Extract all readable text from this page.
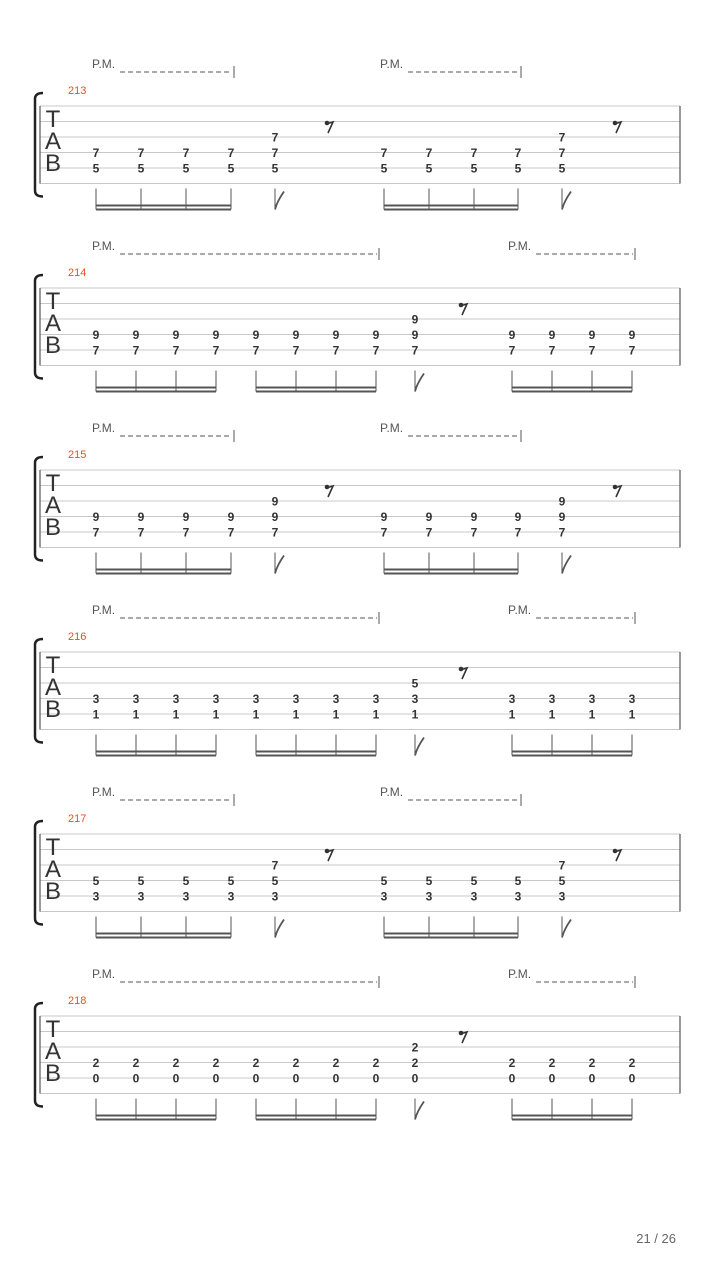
P.M.	P.M.
213
T
A
B	7
5
7
5
7
5
7
5
7
7
5
7
5
7
5
7
5
7
5
7
7
5
P.M.	P.M.
214
T
A
B	9
7
9
7
9
7
9
7
9
7
9
7
9
7
9
7
9
9
7
9
7
9
7
9
7
9
7
P.M.	P.M.
215
T
A
B	9
7
9
7
9
7
9
7
9
9
7
9
7
9
7
9
7
9
7
9
9
7
P.M.	P.M.
216
T
A
B	3
1
3
1
3
1
3
1
3
1
3
1
3
1
3
1
5
3
1
3
1
3
1
3
1
3
1
P.M.	P.M.
217
T
A
B	5
3
5
3
5
3
5
3
7
5
3
5
3
5
3
5
3
5
3
7
5
3
P.M.	P.M.
218
T
A
B	2
0
2
0
2
0
2
0
2
0
2
0
2
0
2
0
2
2
0
2
0
2
0
2
0
2
0
21 / 26
